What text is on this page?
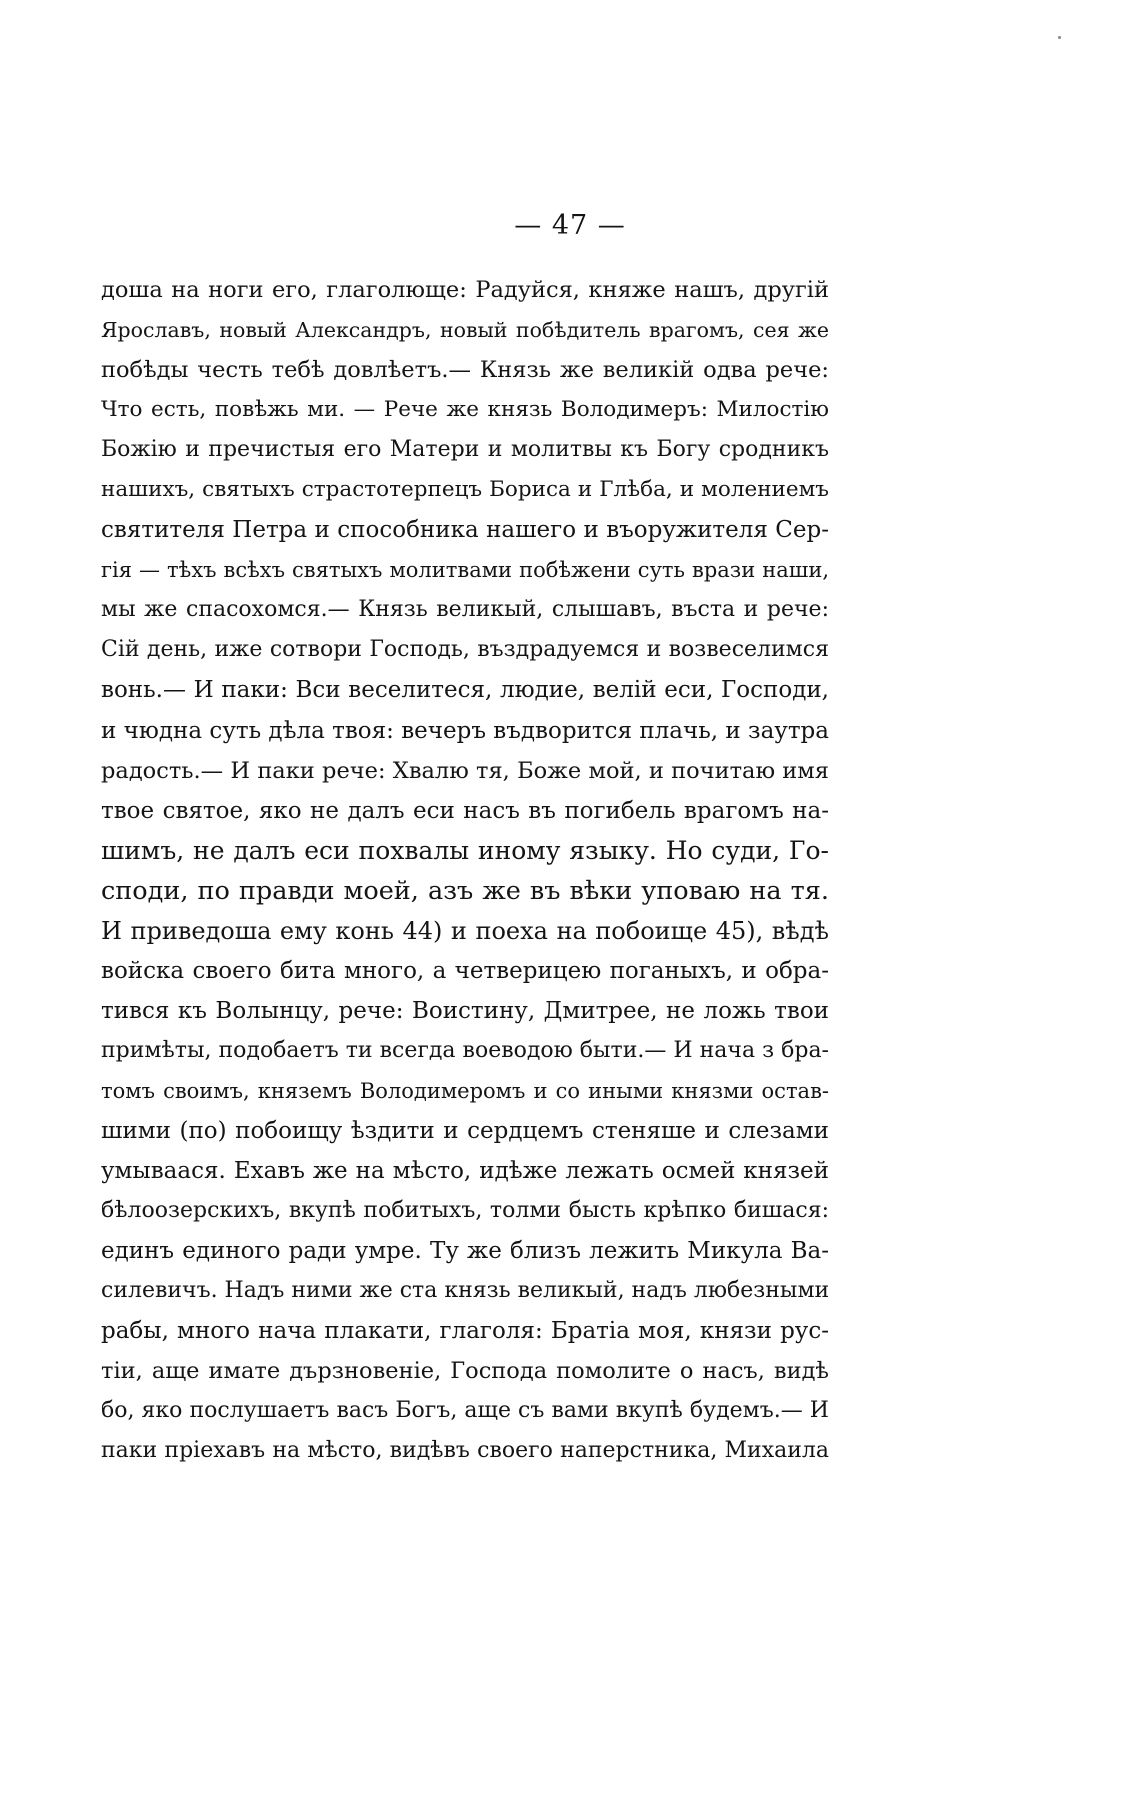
— 47 —
доша на ноги его, глаголюще: Радуйся, княже нашъ, другій
Ярославъ, новый Александръ, новый побѣдитель врагомъ, сея же
побѣды честь тебѣ довлѣетъ.— Князь же великій одва рече:
Что есть, повѣжь ми. — Рече же князь Володимеръ: Милостію
Божію и пречистыя его Матери и молитвы къ Богу сродникъ
нашихъ, святыхъ страстотерпецъ Бориса и Глѣба, и молениемъ
святителя Петра и способника нашего и въоружителя Сер-
гія — тѣхъ всѣхъ святыхъ молитвами побѣжени суть врази наши,
мы же спасохомся.— Князь великый, слышавъ, въста и рече:
Сій день, иже сотвори Господь, въздрадуемся и возвеселимся
вонь.— И паки: Вси веселитеся, людие, велій еси, Господи,
и чюдна суть дѣла твоя: вечеръ въдворится плачь, и заутра
радость.— И паки рече: Хвалю тя, Боже мой, и почитаю имя
твое святое, яко не далъ еси насъ въ погибель врагомъ на-
шимъ, не далъ еси похвалы иному языку. Но суди, Го-
споди, по правди моей, азъ же въ вѣки уповаю на тя.
И приведоша ему конь 44) и поеха на побоище 45), вѣдѣ
войска своего бита много, а четверицею поганыхъ, и обра-
тився къ Волынцу, рече: Воистину, Дмитрее, не ложь твои
примѣты, подобаетъ ти всегда воеводою быти.— И нача з бра-
томъ своимъ, княземъ Володимеромъ и со иными князми остав-
шими (по) побоищу ѣздити и сердцемъ стеняше и слезами
умываася. Ехавъ же на мѣсто, идѣже лежать осмей князей
бѣлоозерскихъ, вкупѣ побитыхъ, толми бысть крѣпко бишася:
единъ единого ради умре. Ту же близъ лежить Микула Ва-
силевичъ. Надъ ними же ста князь великый, надъ любезными
рабы, много нача плакати, глаголя: Братіа моя, князи рус-
тіи, аще имате дързновеніе, Господа помолите о насъ, видѣ
бо, яко послушаетъ васъ Богъ, аще съ вами вкупѣ будемъ.— И
паки пріехавъ на мѣсто, видѣвъ своего наперстника, Михаила
